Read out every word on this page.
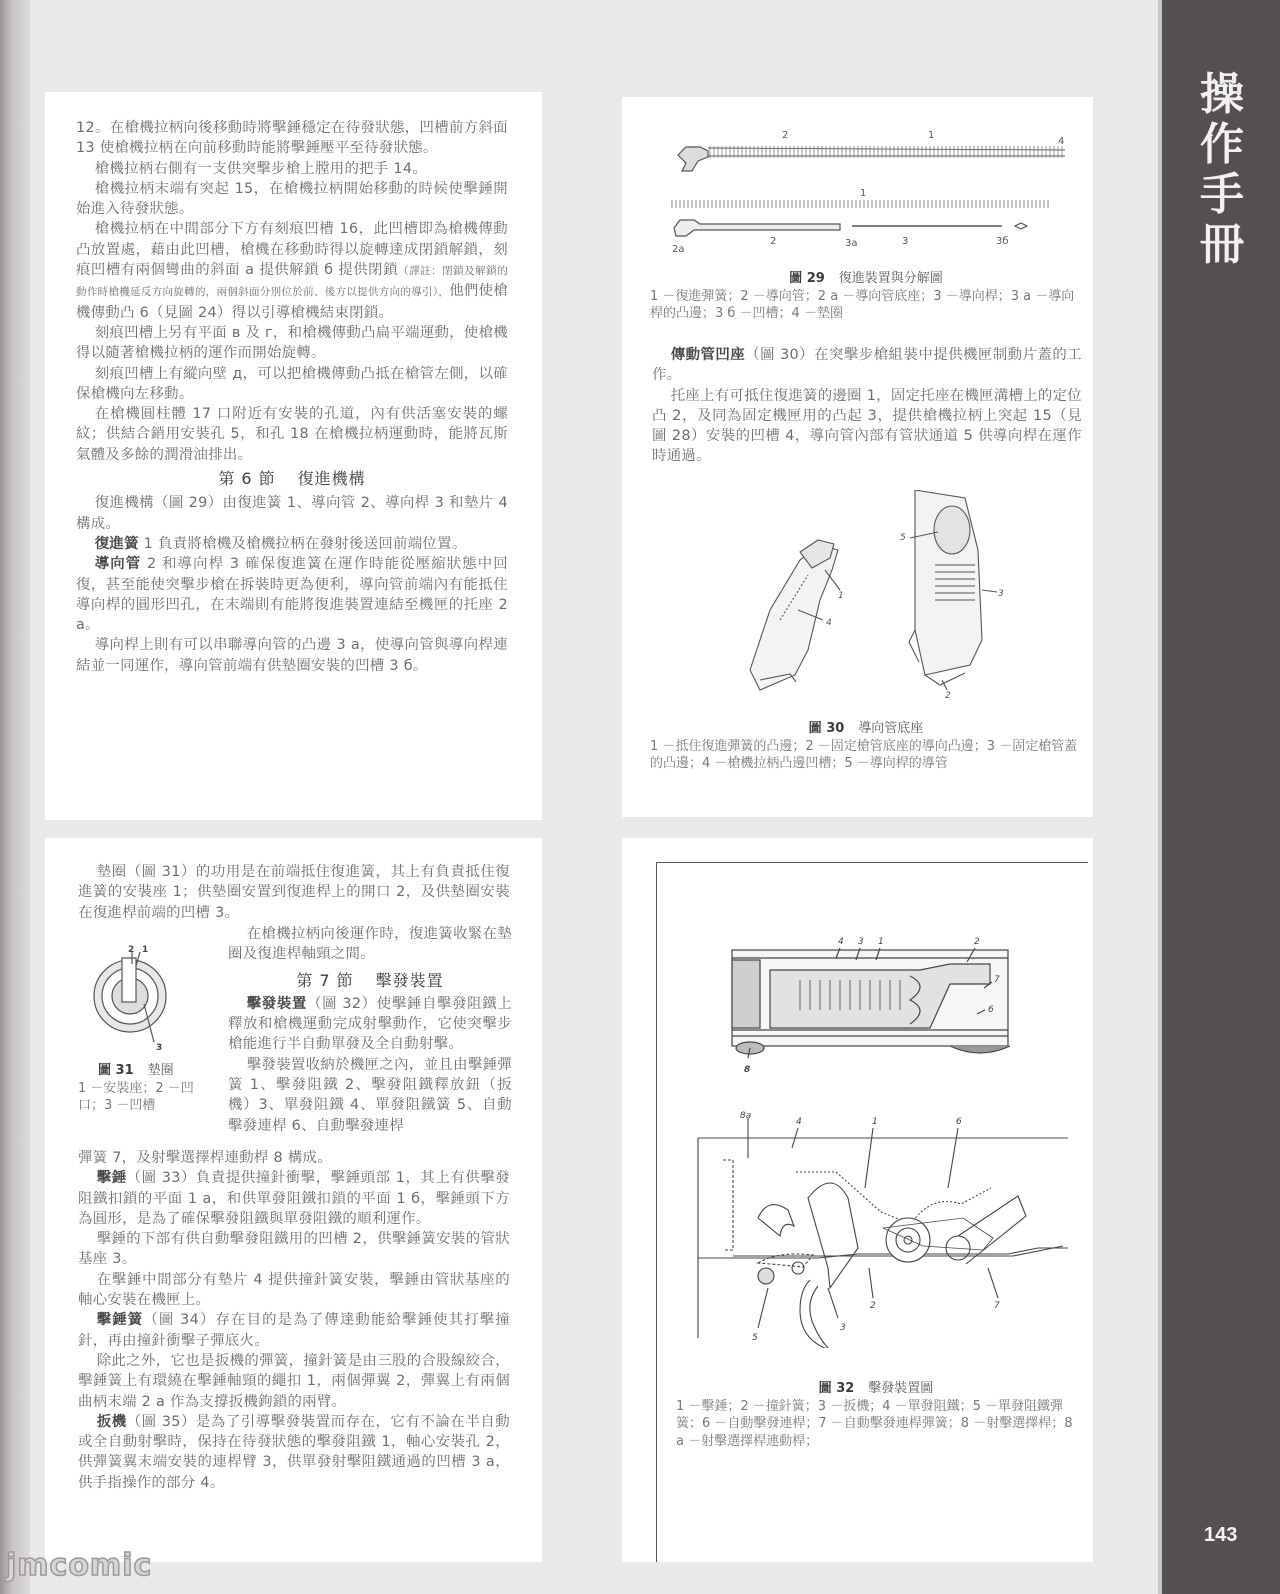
操
作
手
冊
143

12。在槍機拉柄向後移動時將擊錘穩定在待發狀態，凹槽前方斜面 13 使槍機拉柄在向前移動時能將擊錘壓平至待發狀態。

槍機拉柄右側有一支供突擊步槍上膛用的把手 14。

槍機拉柄末端有突起 15，在槍機拉柄開始移動的時候使擊錘開始進入待發狀態。

槍機拉柄在中間部分下方有刻痕凹槽 16，此凹槽即為槍機傳動凸放置處，藉由此凹槽，槍機在移動時得以旋轉達成閉鎖解鎖，刻痕凹槽有兩個彎曲的斜面 a 提供解鎖 б 提供閉鎖（譯註：閉鎖及解鎖的動作時槍機延反方向旋轉的，兩個斜面分別位於前、後方以提供方向的導引），他們使槍機傳動凸 6（見圖 24）得以引導槍機結束閉鎖。

刻痕凹槽上另有平面 в 及 г，和槍機傳動凸扁平端運動，使槍機得以隨著槍機拉柄的運作而開始旋轉。

刻痕凹槽上有縱向壁 д，可以把槍機傳動凸抵在槍管左側，以確保槍機向左移動。

在槍機圓柱體 17 口附近有安裝的孔道，內有供活塞安裝的螺紋；供結合銷用安裝孔 5，和孔 18 在槍機拉柄運動時，能將瓦斯氣體及多餘的潤滑油排出。

第 6 節 復進機構

復進機構（圖 29）由復進簧 1、導向管 2、導向桿 3 和墊片 4 構成。

復進簧 1 負責將槍機及槍機拉柄在發射後送回前端位置。

導向管 2 和導向桿 3 確保復進簧在運作時能從壓縮狀態中回復，甚至能使突擊步槍在拆裝時更為便利，導向管前端內有能抵住導向桿的圓形凹孔，在末端則有能將復進裝置連結至機匣的托座 2 a。

導向桿上則有可以串聯導向管的凸邊 3 a，使導向管與導向桿連結並一同運作，導向管前端有供墊圈安裝的凹槽 3 б。

2	1
4
1
2a
2	3a	3	3б
圖 29 復進裝置與分解圖
1 －復進彈簧；2 －導向管；2 a －導向管底座；3 －導向桿；3 a －導向桿的凸邊；3 б －凹槽；4 －墊圈

傳動管凹座（圖 30）在突擊步槍組裝中提供機匣制動片蓋的工作。

托座上有可抵住復進簧的邊圈 1，固定托座在機匣溝槽上的定位凸 2，及同為固定機匣用的凸起 3，提供槍機拉柄上突起 15（見圖 28）安裝的凹槽 4，導向管內部有管狀通道 5 供導向桿在運作時通過。

1
4
5
3
2
圖 30 導向管底座
1 －抵住復進彈簧的凸邊；2 －固定槍管底座的導向凸邊；3 －固定槍管蓋的凸邊；4 －槍機拉柄凸邊凹槽；5 －導向桿的導管

墊圈（圖 31）的功用是在前端抵住復進簧，其上有負責抵住復進簧的安裝座 1；供墊圈安置到復進桿上的開口 2，及供墊圈安裝在復進桿前端的凹槽 3。

在槍機拉柄向後運作時，復進簧收緊在墊圈及復進桿軸頸之間。

第 7 節 擊發裝置

擊發裝置（圖 32）使擊錘自擊發阻鐵上釋放和槍機運動完成射擊動作，它使突擊步槍能進行半自動單發及全自動射擊。

擊發裝置收納於機匣之內，並且由擊錘彈簧 1、擊發阻鐵 2、擊發阻鐵釋放鈕（扳機）3、單發阻鐵 4、單發阻鐵簧 5、自動擊發連桿 6、自動擊發連桿

2 1
3
圖 31 墊圈
1 －安裝座；2 －凹口；3 －凹槽

彈簧 7，及射擊選擇桿連動桿 8 構成。

擊錘（圖 33）負責提供撞針衝擊，擊錘頭部 1，其上有供擊發阻鐵扣鎖的平面 1 a，和供單發阻鐵扣鎖的平面 1 б，擊錘頭下方為圓形，是為了確保擊發阻鐵與單發阻鐵的順利運作。

擊錘的下部有供自動擊發阻鐵用的凹槽 2，供擊錘簧安裝的管狀基座 3。

在擊錘中間部分有墊片 4 提供撞針簧安裝，擊錘由管狀基座的軸心安裝在機匣上。

擊錘簧（圖 34）存在目的是為了傳達動能給擊錘使其打擊撞針，再由撞針衝擊子彈底火。

除此之外，它也是扳機的彈簧，撞針簧是由三股的合股線絞合，擊錘簧上有環繞在擊錘軸頸的繩扣 1，兩個彈翼 2，彈翼上有兩個曲柄末端 2 a 作為支撐扳機鉤鎖的兩臂。

扳機（圖 35）是為了引導擊發裝置而存在，它有不論在半自動或全自動射擊時，保持在待發狀態的擊發阻鐵 1，軸心安裝孔 2，供彈簧翼末端安裝的連桿臂 3，供單發射擊阻鐵通過的凹槽 3 a，供手指操作的部分 4。

4 3 1	2
7
6
8
8a
4	1	6
2	7
5
3
圖 32 擊發裝置圖
1 －擊錘；2 －撞針簧；3 －扳機；4 －單發阻鐵；5 －單發阻鐵彈簧；6 －自動擊發連桿；7 －自動擊發連桿彈簧；8 －射擊選擇桿；8 a －射擊選擇桿連動桿；
jmcomic
